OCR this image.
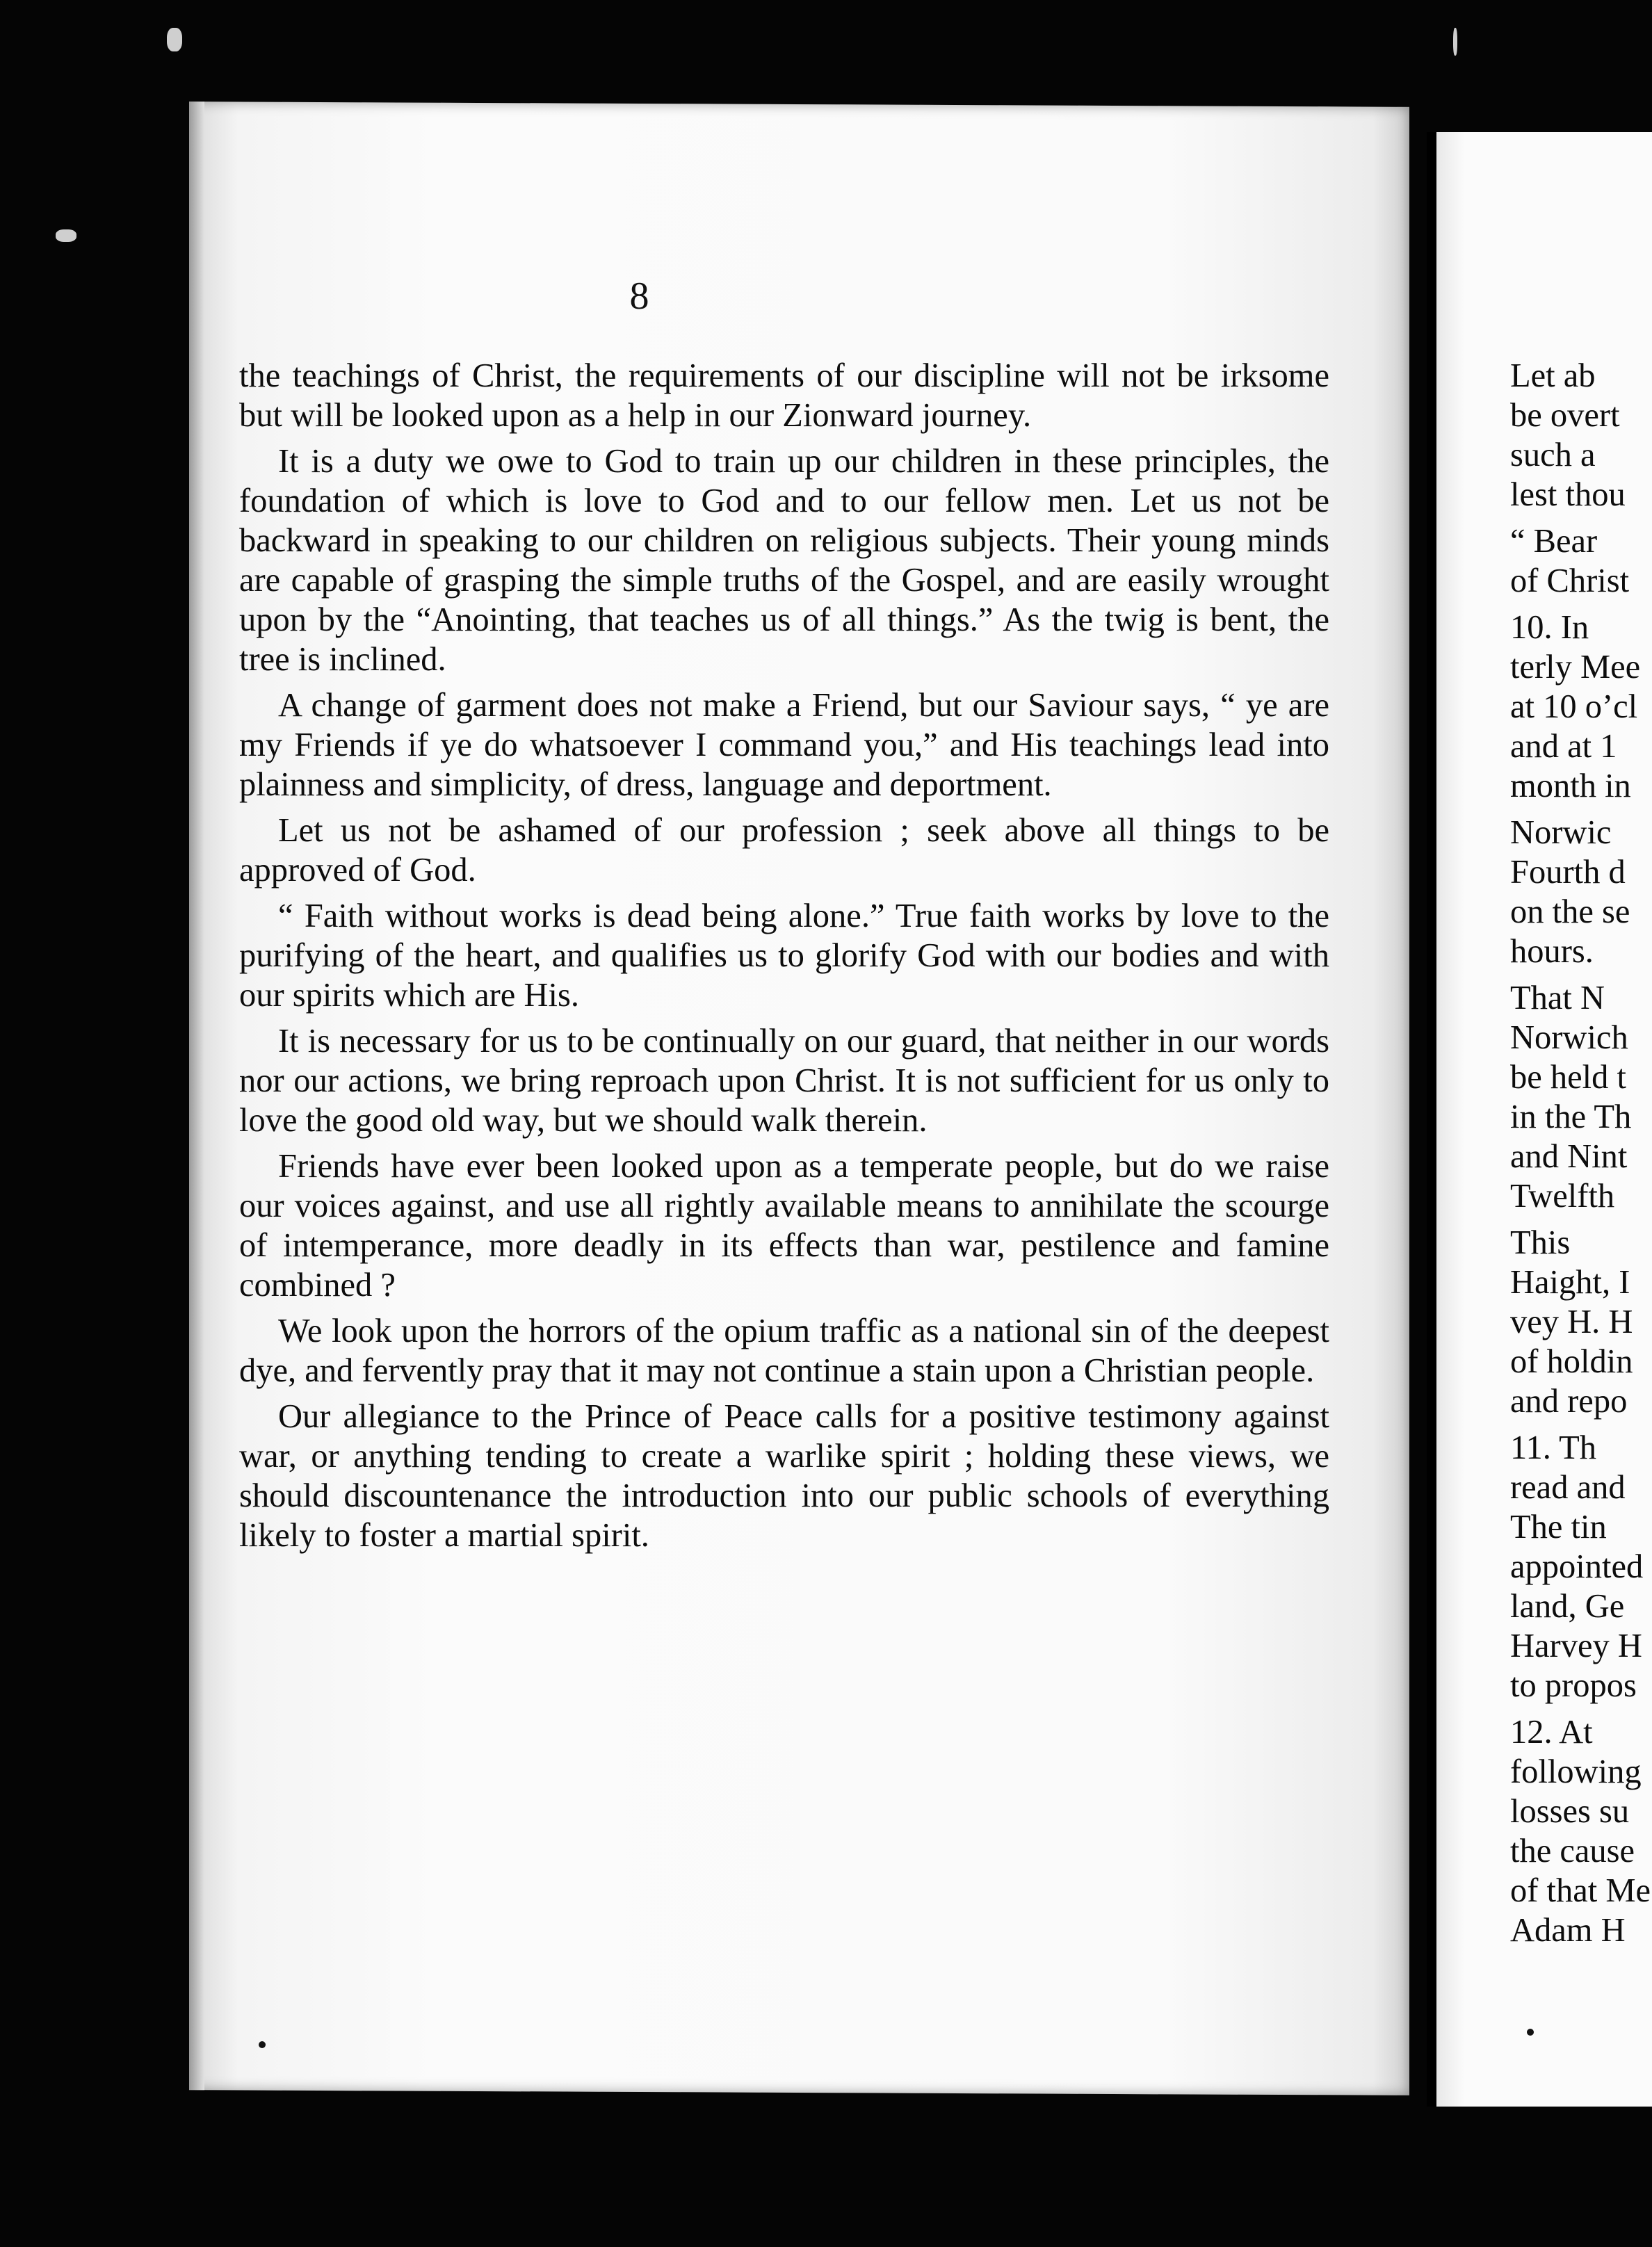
8

the teachings of Christ, the requirements of our discipline will not be irksome but will be looked upon as a help in our Zionward journey.

It is a duty we owe to God to train up our children in these principles, the foundation of which is love to God and to our fellow men. Let us not be backward in speaking to our children on religious subjects. Their young minds are capable of grasping the simple truths of the Gospel, and are easily wrought upon by the “Anointing, that teaches us of all things.” As the twig is bent, the tree is inclined.

A change of garment does not make a Friend, but our Saviour says, “ ye are my Friends if ye do whatsoever I command you,” and His teachings lead into plainness and simplicity, of dress, language and deportment.

Let us not be ashamed of our profession ; seek above all things to be approved of God.

“ Faith without works is dead being alone.” True faith works by love to the purifying of the heart, and qualifies us to glorify God with our bodies and with our spirits which are His.

It is necessary for us to be continually on our guard, that neither in our words nor our actions, we bring reproach upon Christ. It is not sufficient for us only to love the good old way, but we should walk therein.

Friends have ever been looked upon as a temperate people, but do we raise our voices against, and use all rightly available means to annihilate the scourge of intemperance, more deadly in its effects than war, pestilence and famine combined ?

We look upon the horrors of the opium traffic as a national sin of the deepest dye, and fervently pray that it may not continue a stain upon a Christian people.

Our allegiance to the Prince of Peace calls for a positive testimony against war, or anything tending to create a warlike spirit ; holding these views, we should discountenance the introduction into our public schools of everything likely to foster a martial spirit.

Let ab
be overt
such a
lest thou
“ Bear
of Christ
10. In
terly Mee
at 10 o’cl
and at 1
month in
Norwic
Fourth d
on the se
hours.
That N
Norwich
be held t
in the Th
and Nint
Twelfth
This
Haight, I
vey H. H
of holdin
and repo
11. Th
read and
The tin
appointed
land, Ge
Harvey H
to propos
12. At
following
losses su
the cause
of that Me
Adam H
